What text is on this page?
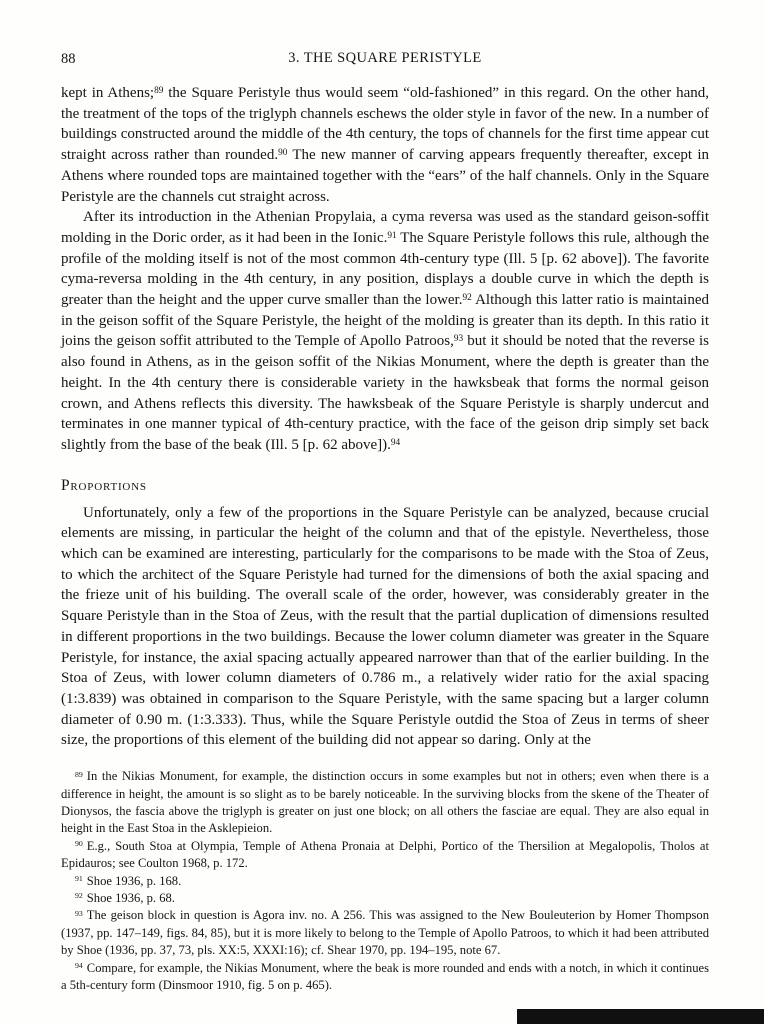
88	3. THE SQUARE PERISTYLE

kept in Athens;$^{89}$ the Square Peristyle thus would seem “old-fashioned” in this regard. On the other hand, the treatment of the tops of the triglyph channels eschews the older style in favor of the new. In a number of buildings constructed around the middle of the 4th century, the tops of channels for the first time appear cut straight across rather than rounded.$^{90}$ The new manner of carving appears frequently thereafter, except in Athens where rounded tops are maintained together with the “ears” of the half channels. Only in the Square Peristyle are the channels cut straight across.

After its introduction in the Athenian Propylaia, a cyma reversa was used as the standard geison-soffit molding in the Doric order, as it had been in the Ionic.$^{91}$ The Square Peristyle follows this rule, although the profile of the molding itself is not of the most common 4th-century type (Ill. 5 [p. 62 above]). The favorite cyma-reversa molding in the 4th century, in any position, displays a double curve in which the depth is greater than the height and the upper curve smaller than the lower.$^{92}$ Although this latter ratio is maintained in the geison soffit of the Square Peristyle, the height of the molding is greater than its depth. In this ratio it joins the geison soffit attributed to the Temple of Apollo Patroos,$^{93}$ but it should be noted that the reverse is also found in Athens, as in the geison soffit of the Nikias Monument, where the depth is greater than the height. In the 4th century there is considerable variety in the hawksbeak that forms the normal geison crown, and Athens reflects this diversity. The hawksbeak of the Square Peristyle is sharply undercut and terminates in one manner typical of 4th-century practice, with the face of the geison drip simply set back slightly from the base of the beak (Ill. 5 [p. 62 above]).$^{94}$

Proportions

Unfortunately, only a few of the proportions in the Square Peristyle can be analyzed, because crucial elements are missing, in particular the height of the column and that of the epistyle. Nevertheless, those which can be examined are interesting, particularly for the comparisons to be made with the Stoa of Zeus, to which the architect of the Square Peristyle had turned for the dimensions of both the axial spacing and the frieze unit of his building. The overall scale of the order, however, was considerably greater in the Square Peristyle than in the Stoa of Zeus, with the result that the partial duplication of dimensions resulted in different proportions in the two buildings. Because the lower column diameter was greater in the Square Peristyle, for instance, the axial spacing actually appeared narrower than that of the earlier building. In the Stoa of Zeus, with lower column diameters of 0.786 m., a relatively wider ratio for the axial spacing (1:3.839) was obtained in comparison to the Square Peristyle, with the same spacing but a larger column diameter of 0.90 m. (1:3.333). Thus, while the Square Peristyle outdid the Stoa of Zeus in terms of sheer size, the proportions of this element of the building did not appear so daring. Only at the

$^{89}$ In the Nikias Monument, for example, the distinction occurs in some examples but not in others; even when there is a difference in height, the amount is so slight as to be barely noticeable. In the surviving blocks from the skene of the Theater of Dionysos, the fascia above the triglyph is greater on just one block; on all others the fasciae are equal. They are also equal in height in the East Stoa in the Asklepieion.

$^{90}$ E.g., South Stoa at Olympia, Temple of Athena Pronaia at Delphi, Portico of the Thersilion at Megalopolis, Tholos at Epidauros; see Coulton 1968, p. 172.

$^{91}$ Shoe 1936, p. 168.

$^{92}$ Shoe 1936, p. 68.

$^{93}$ The geison block in question is Agora inv. no. A 256. This was assigned to the New Bouleuterion by Homer Thompson (1937, pp. 147–149, figs. 84, 85), but it is more likely to belong to the Temple of Apollo Patroos, to which it had been attributed by Shoe (1936, pp. 37, 73, pls. XX:5, XXXI:16); cf. Shear 1970, pp. 194–195, note 67.

$^{94}$ Compare, for example, the Nikias Monument, where the beak is more rounded and ends with a notch, in which it continues a 5th-century form (Dinsmoor 1910, fig. 5 on p. 465).
